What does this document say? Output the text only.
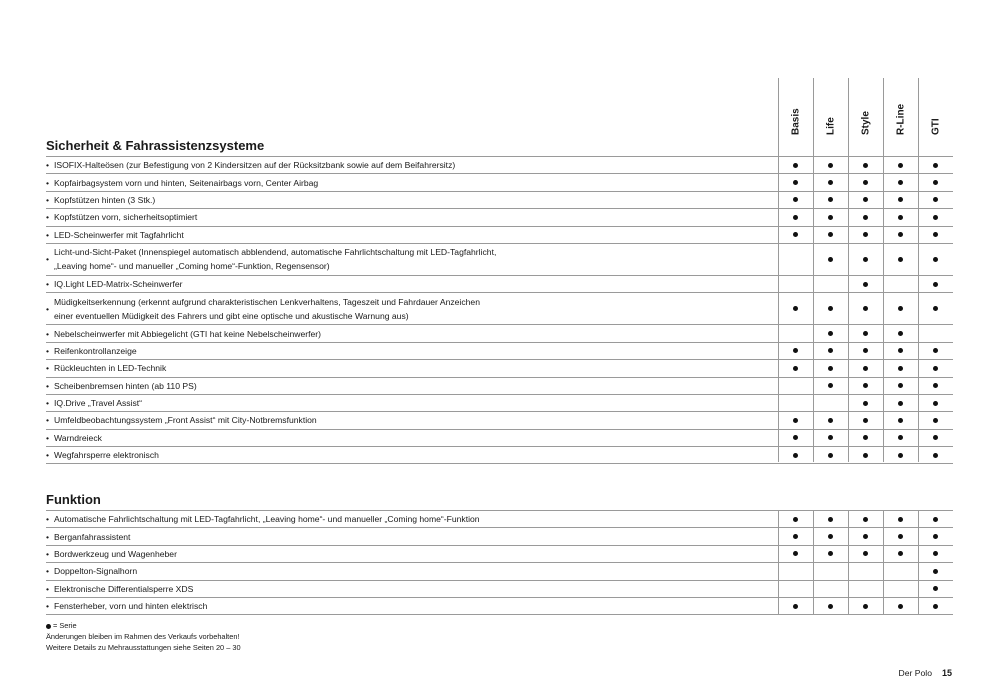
Basis Life Style R-Line GTI
Sicherheit & Fahrassistenzsysteme
• ISOFIX-Halteösen (zur Befestigung von 2 Kindersitzen auf der Rücksitzbank sowie auf dem Beifahrersitz)
• Kopfairbagsystem vorn und hinten, Seitenairbags vorn, Center Airbag
• Kopfstützen hinten (3 Stk.)
• Kopfstützen vorn, sicherheitsoptimiert
• LED-Scheinwerfer mit Tagfahrlicht
•
Licht-und-Sicht-Paket (Innenspiegel automatisch abblendend, automatische Fahrlichtschaltung mit LED-Tagfahrlicht,
„Leaving home“- und manueller „Coming home“-Funktion, Regensensor)
• IQ.Light LED-Matrix-Scheinwerfer
•
Müdigkeitserkennung (erkennt aufgrund charakteristischen Lenkverhaltens, Tageszeit und Fahrdauer Anzeichen
einer eventuellen Müdigkeit des Fahrers und gibt eine optische und akustische Warnung aus)
• Nebelscheinwerfer mit Abbiegelicht (GTI hat keine Nebelscheinwerfer)
• Reifenkontrollanzeige
• Rückleuchten in LED-Technik
• Scheibenbremsen hinten (ab 110 PS)
• IQ.Drive „Travel Assist“
• Umfeldbeobachtungssystem „Front Assist“ mit City-Notbremsfunktion
• Warndreieck
• Wegfahrsperre elektronisch
Funktion
• Automatische Fahrlichtschaltung mit LED-Tagfahrlicht, „Leaving home“- und manueller „Coming home“-Funktion
• Berganfahrassistent
• Bordwerkzeug und Wagenheber
• Doppelton-Signalhorn
• Elektronische Differentialsperre XDS
• Fensterheber, vorn und hinten elektrisch
= Serie
Änderungen bleiben im Rahmen des Verkaufs vorbehalten!
Weitere Details zu Mehrausstattungen siehe Seiten 20 – 30
Der Polo 15
